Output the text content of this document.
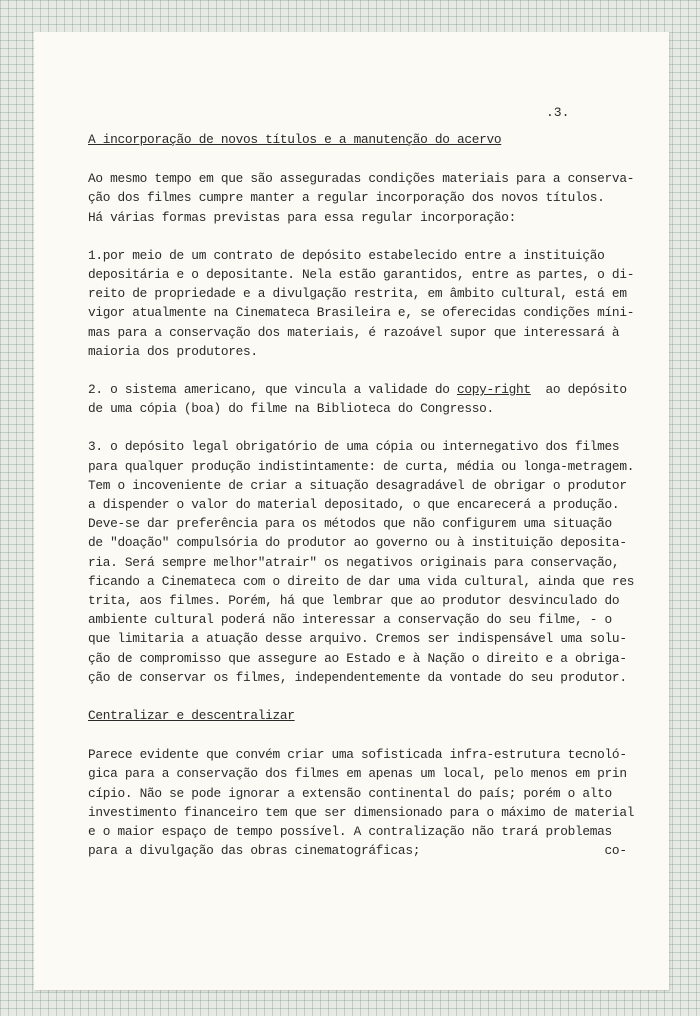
.3.
A incorporação de novos títulos e a manutenção do acervo
Ao mesmo tempo em que são asseguradas condições materiais para a conserva-
ção dos filmes cumpre manter a regular incorporação dos novos títulos.
Há várias formas previstas para essa regular incorporação:
1.por meio de um contrato de depósito estabelecido entre a instituição
depositária e o depositante. Nela estão garantidos, entre as partes, o di-
reito de propriedade e a divulgação restrita, em âmbito cultural, está em
vigor atualmente na Cinemateca Brasileira e, se oferecidas condições míni-
mas para a conservação dos materiais, é razoável supor que interessará à
maioria dos produtores.
2. o sistema americano, que vincula a validade do copy-right  ao depósito
de uma cópia (boa) do filme na Biblioteca do Congresso.
3. o depósito legal obrigatório de uma cópia ou internegativo dos filmes
para qualquer produção indistintamente: de curta, média ou longa-metragem.
Tem o incoveniente de criar a situação desagradável de obrigar o produtor
a dispender o valor do material depositado, o que encarecerá a produção.
Deve-se dar preferência para os métodos que não configurem uma situação
de "doação" compulsória do produtor ao governo ou à instituição deposita-
ria. Será sempre melhor"atrair" os negativos originais para conservação,
ficando a Cinemateca com o direito de dar uma vida cultural, ainda que res
trita, aos filmes. Porém, há que lembrar que ao produtor desvinculado do
ambiente cultural poderá não interessar a conservação do seu filme, - o
que limitaria a atuação desse arquivo. Cremos ser indispensável uma solu-
ção de compromisso que assegure ao Estado e à Nação o direito e a obriga-
ção de conservar os filmes, independentemente da vontade do seu produtor.
Centralizar e descentralizar
Parece evidente que convém criar uma sofisticada infra-estrutura tecnoló-
gica para a conservação dos filmes em apenas um local, pelo menos em prin
cípio. Não se pode ignorar a extensão continental do país; porém o alto
investimento financeiro tem que ser dimensionado para o máximo de material
e o maior espaço de tempo possível. A contralização não trará problemas
para a divulgação das obras cinematográficas;                         co-
